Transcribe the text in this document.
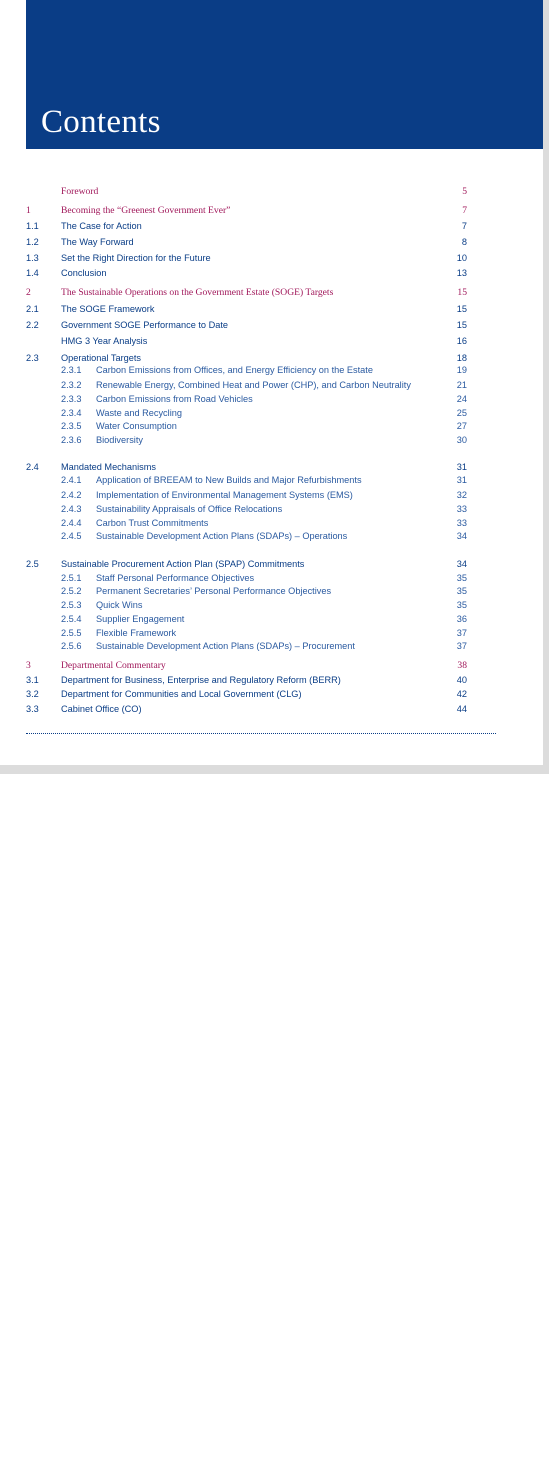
Contents
Foreword	5
1	Becoming the “Greenest Government Ever”	7
1.1 The Case for Action	7
1.2 The Way Forward	8
1.3 Set the Right Direction for the Future	10
1.4 Conclusion	13
2	The Sustainable Operations on the Government Estate (SOGE) Targets	15
2.1 The SOGE Framework	15
2.2 Government SOGE Performance to Date	15
HMG 3 Year Analysis	16
2.3 Operational Targets	18
2.3.1 Carbon Emissions from Offices, and Energy Efficiency on the Estate	19
2.3.2 Renewable Energy, Combined Heat and Power (CHP), and Carbon Neutrality	21
2.3.3 Carbon Emissions from Road Vehicles	24
2.3.4 Waste and Recycling	25
2.3.5 Water Consumption	27
2.3.6 Biodiversity	30
2.4 Mandated Mechanisms	31
2.4.1 Application of BREEAM to New Builds and Major Refurbishments	31
2.4.2 Implementation of Environmental Management Systems (EMS)	32
2.4.3 Sustainability Appraisals of Office Relocations	33
2.4.4 Carbon Trust Commitments	33
2.4.5 Sustainable Development Action Plans (SDAPs) – Operations	34
2.5 Sustainable Procurement Action Plan (SPAP) Commitments	34
2.5.1 Staff Personal Performance Objectives	35
2.5.2 Permanent Secretaries’ Personal Performance Objectives	35
2.5.3 Quick Wins	35
2.5.4 Supplier Engagement	36
2.5.5 Flexible Framework	37
2.5.6 Sustainable Development Action Plans (SDAPs) – Procurement	37
3	Departmental Commentary	38
3.1 Department for Business, Enterprise and Regulatory Reform (BERR)	40
3.2 Department for Communities and Local Government (CLG)	42
3.3 Cabinet Office (CO)	44
